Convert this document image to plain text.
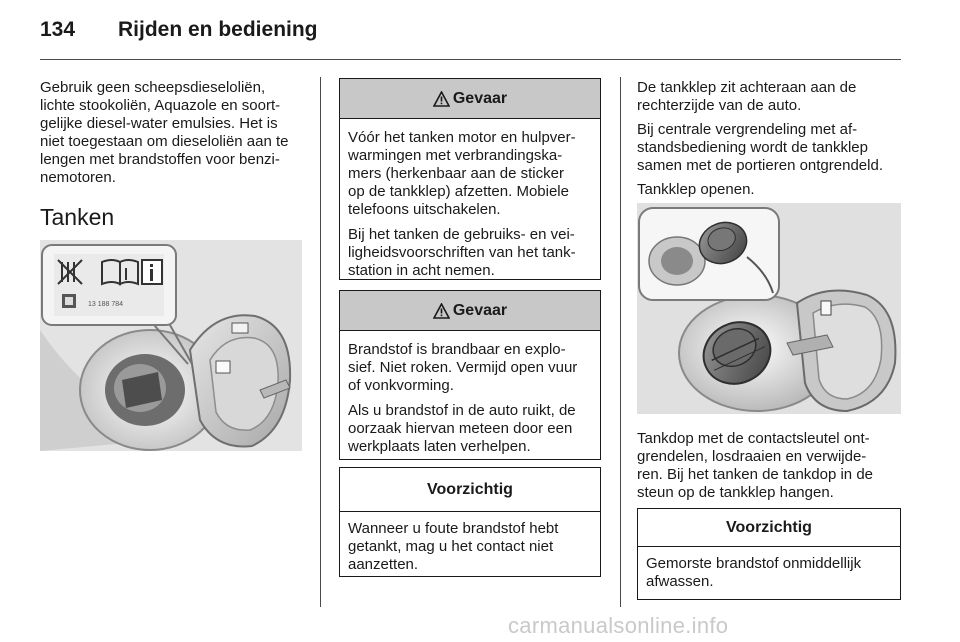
134 Rijden en bediening
Gebruik geen scheepsdieseloliën,
lichte stookoliën, Aquazole en soort-
gelijke diesel-water emulsies. Het is
niet toegestaan om dieseloliën aan te
lengen met brandstoffen voor benzi-
nemotoren.
Tanken
13 188 784
Gevaar

Vóór het tanken motor en hulpver-
warmingen met verbrandingska-
mers (herkenbaar aan de sticker
op de tankklep) afzetten. Mobiele
telefoons uitschakelen.

Bij het tanken de gebruiks- en vei-
ligheidsvoorschriften van het tank-
station in acht nemen.

Gevaar

Brandstof is brandbaar en explo-
sief. Niet roken. Vermijd open vuur
of vonkvorming.

Als u brandstof in de auto ruikt, de
oorzaak hiervan meteen door een
werkplaats laten verhelpen.

Voorzichtig
Wanneer u foute brandstof hebt
getankt, mag u het contact niet
aanzetten.

De tankklep zit achteraan aan de
rechterzijde van de auto.

Bij centrale vergrendeling met af-
standsbediening wordt de tankklep
samen met de portieren ontgrendeld.

Tankklep openen.

Tankdop met de contactsleutel ont-
grendelen, losdraaien en verwijde-
ren. Bij het tanken de tankdop in de
steun op de tankklep hangen.

Voorzichtig
Gemorste brandstof onmiddellijk
afwassen.
carmanualsonline.info
